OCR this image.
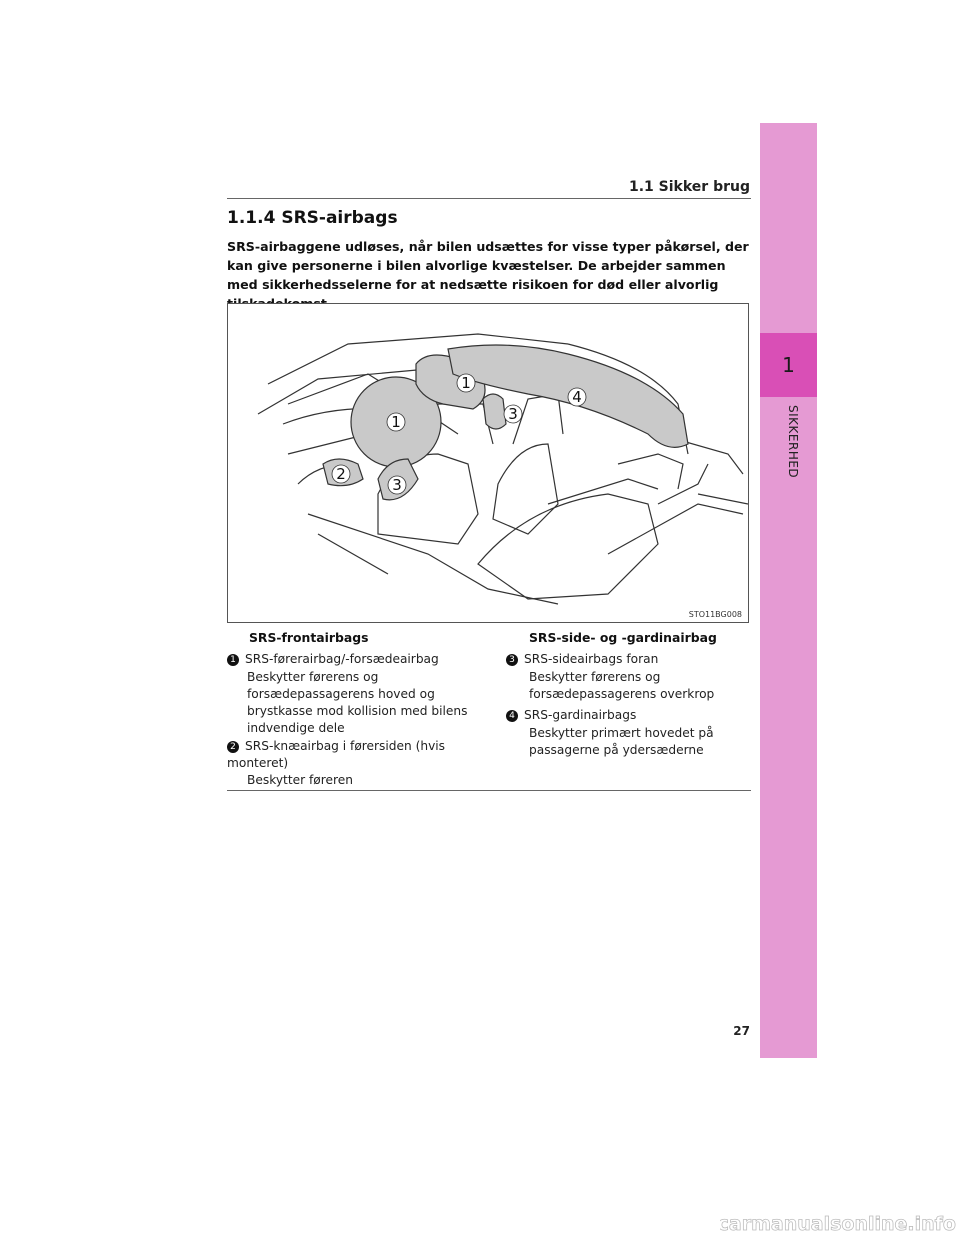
1
SIKKERHED
1.1 Sikker brug
1.1.4 SRS-airbags
SRS-airbaggene udløses, når bilen udsættes for visse typer påkørsel, der kan give personerne i bilen alvorlige kvæstelser. De arbejder sammen med sikkerhedsselerne for at nedsætte risikoen for død eller alvorlig
1
1
2
3
3
4
STO11BG008
SRS-frontairbags
1 SRS-førerairbag/-forsædeairbag
Beskytter førerens og
forsædepassagerens hoved og
brystkasse mod kollision med bilens
indvendige dele
2 SRS-knæairbag i førersiden (hvis
monteret)
Beskytter føreren
SRS-side- og -gardinairbag
3 SRS-sideairbags foran
Beskytter førerens og
forsædepassagerens overkrop
4 SRS-gardinairbags
Beskytter primært hovedet på
passagerne på ydersæderne
27
carmanualsonline.info
